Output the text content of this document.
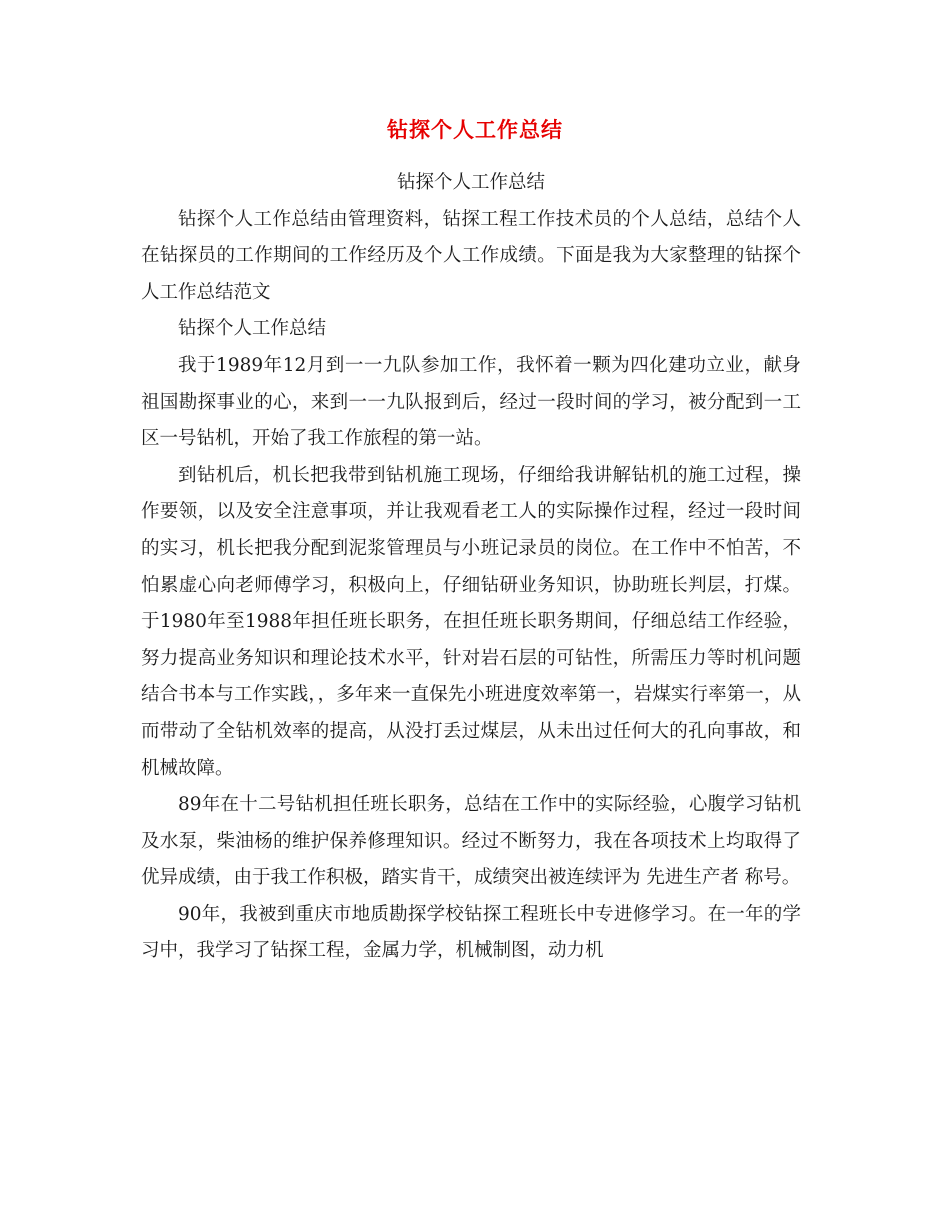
钻探个人工作总结

钻探个人工作总结

钻探个人工作总结由管理资料，钻探工程工作技术员的个人总结，总结个人在钻探员的工作期间的工作经历及个人工作成绩。下面是我为大家整理的钻探个人工作总结范文

钻探个人工作总结

我于1989年12月到一一九队参加工作，我怀着一颗为四化建功立业，献身祖国勘探事业的心，来到一一九队报到后，经过一段时间的学习，被分配到一工区一号钻机，开始了我工作旅程的第一站。

到钻机后，机长把我带到钻机施工现场，仔细给我讲解钻机的施工过程，操作要领，以及安全注意事项，并让我观看老工人的实际操作过程，经过一段时间的实习，机长把我分配到泥浆管理员与小班记录员的岗位。在工作中不怕苦，不怕累虚心向老师傅学习，积极向上，仔细钻研业务知识，协助班长判层，打煤。于1980年至1988年担任班长职务，在担任班长职务期间，仔细总结工作经验，努力提高业务知识和理论技术水平，针对岩石层的可钻性，所需压力等时机问题结合书本与工作实践，，多年来一直保先小班进度效率第一，岩煤实行率第一，从而带动了全钻机效率的提高，从没打丢过煤层，从未出过任何大的孔向事故，和机械故障。

89年在十二号钻机担任班长职务，总结在工作中的实际经验，心腹学习钻机及水泵，柴油杨的维护保养修理知识。经过不断努力，我在各项技术上均取得了优异成绩，由于我工作积极，踏实肯干，成绩突出被连续评为 先进生产者 称号。

90年，我被到重庆市地质勘探学校钻探工程班长中专进修学习。在一年的学习中，我学习了钻探工程，金属力学，机械制图，动力机
